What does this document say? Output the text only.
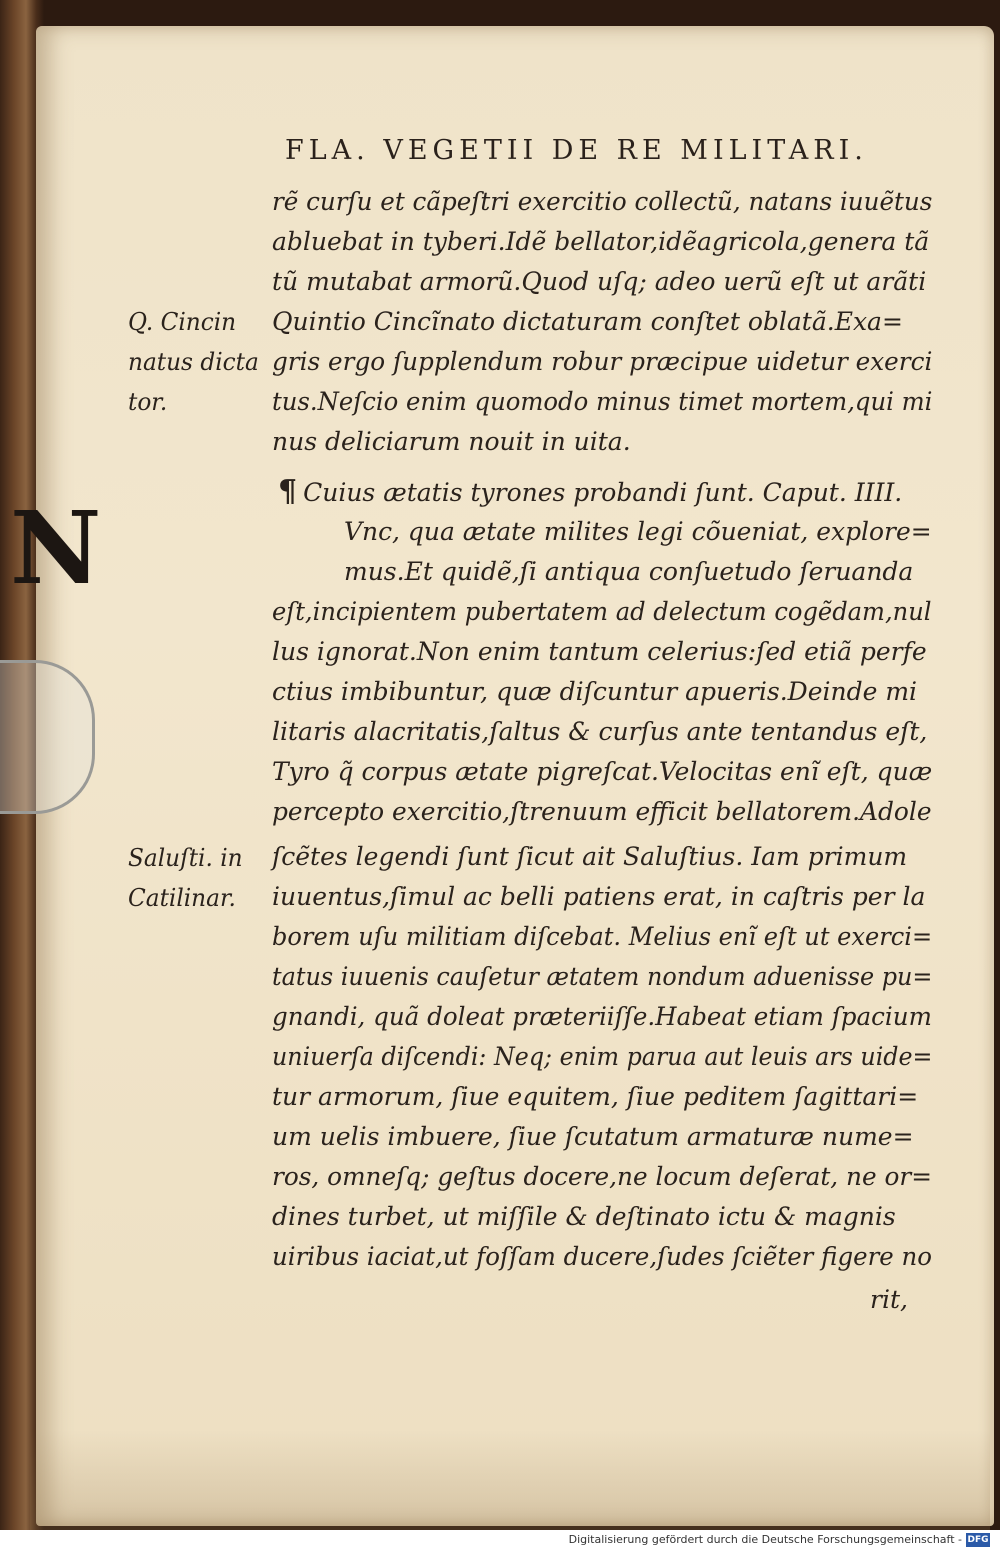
FLA. VEGETII DE RE MILITARI.
Q. Cincin
natus dicta
tor.
Saluſti. in
Catilinar.
N
rẽ curſu et cãpeſtri exercitio collectũ, natans iuuẽtus
abluebat in tyberi.Idẽ bellator,idẽagricola,genera tã
tũ mutabat armorũ.Quod uſq; adeo uerũ eſt ut arãti
Quintio Cincĩnato dictaturam conſtet oblatã.Exa=
gris ergo ſupplendum robur præcipue uidetur exerci
tus.Neſcio enim quomodo minus timet mortem,qui mi
nus deliciarum nouit in uita.
¶ Cuius ætatis tyrones probandi ſunt. Caput. IIII.
Vnc, qua ætate milites legi cõueniat, explore=
mus.Et quidẽ,ſi antiqua conſuetudo ſeruanda
eſt,incipientem pubertatem ad delectum cogẽdam,nul
lus ignorat.Non enim tantum celerius:ſed etiã perfe
ctius imbibuntur, quæ diſcuntur apueris.Deinde mi
litaris alacritatis,ſaltus & curſus ante tentandus eſt,
Tyro q̃ corpus ætate pigreſcat.Velocitas enĩ eſt, quæ
percepto exercitio,ſtrenuum efficit bellatorem.Adole
ſcẽtes legendi ſunt ſicut ait Saluſtius. Iam primum
iuuentus,ſimul ac belli patiens erat, in caſtris per la
borem uſu militiam diſcebat. Melius enĩ eſt ut exerci=
tatus iuuenis cauſetur ætatem nondum aduenisse pu=
gnandi, quã doleat præteriiſſe.Habeat etiam ſpacium
uniuerſa diſcendi: Neq; enim parua aut leuis ars uide=
tur armorum, ſiue equitem, ſiue peditem ſagittari=
um uelis imbuere, ſiue ſcutatum armaturæ nume=
ros, omneſq; geſtus docere,ne locum deſerat, ne or=
dines turbet, ut miſſile & deſtinato ictu & magnis
uiribus iaciat,ut foſſam ducere,ſudes ſciẽter figere no
rit,
Digitalisierung gefördert durch die Deutsche Forschungsgemeinschaft - DFG
